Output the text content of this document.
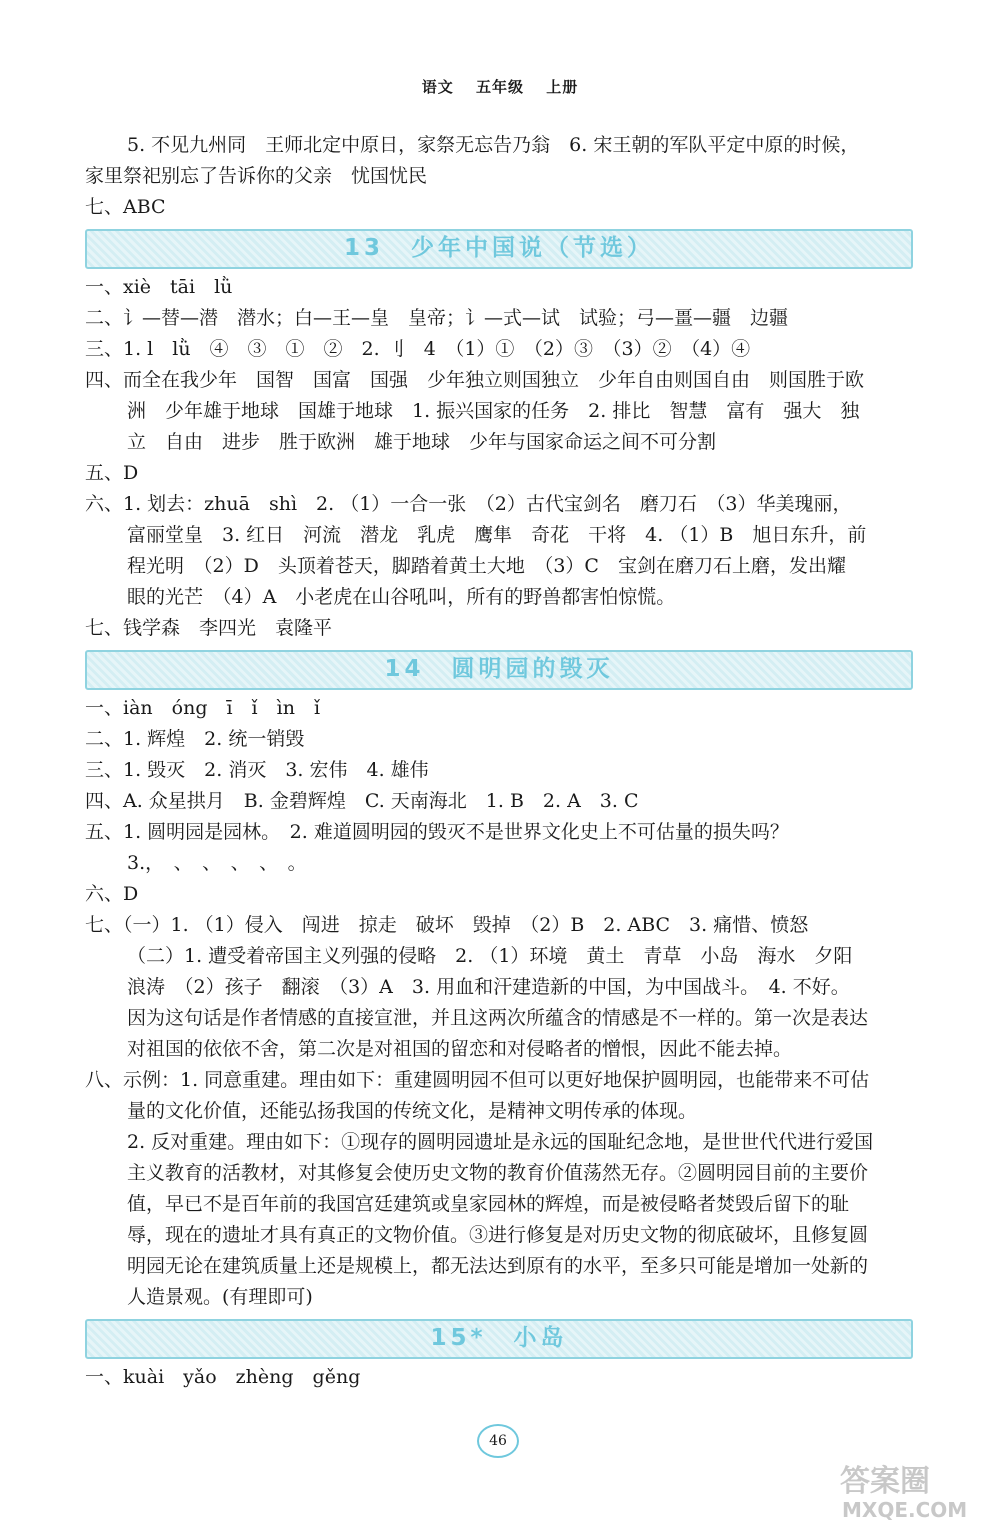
语文 五年级 上册
5. 不见九州同　王师北定中原日，家祭无忘告乃翁　6. 宋王朝的军队平定中原的时候，
家里祭祀别忘了告诉你的父亲　忧国忧民
七、ABC
13　少年中国说（节选）
一、xiè　tāi　lǜ
二、讠—替—潜　潜水；白—王—皇　皇帝；讠—式—试　试验；弓—畺—疆　边疆
三、1. l　lǜ　④　③　①　②　2. 刂　4　（1）①　（2）③　（3）②　（4）④
四、而全在我少年　国智　国富　国强　少年独立则国独立　少年自由则国自由　则国胜于欧
洲　少年雄于地球　国雄于地球　1. 振兴国家的任务　2. 排比　智慧　富有　强大　独
立　自由　进步　胜于欧洲　雄于地球　少年与国家命运之间不可分割
五、D
六、1. 划去：zhuā　shì　2. （1）一合一张　（2）古代宝剑名　磨刀石　（3）华美瑰丽，
富丽堂皇　3. 红日　河流　潜龙　乳虎　鹰隼　奇花　干将　4. （1）B　旭日东升，前
程光明　（2）D　头顶着苍天，脚踏着黄土大地　（3）C　宝剑在磨刀石上磨，发出耀
眼的光芒　（4）A　小老虎在山谷吼叫，所有的野兽都害怕惊慌。
七、钱学森　李四光　袁隆平
14　圆明园的毁灭
一、iàn　óng　ī　ǐ　ìn　ǐ
二、1. 辉煌　2. 统一销毁
三、1. 毁灭　2. 消灭　3. 宏伟　4. 雄伟
四、A. 众星拱月　B. 金碧辉煌　C. 天南海北　1. B　2. A　3. C
五、1. 圆明园是园林。　2. 难道圆明园的毁灭不是世界文化史上不可估量的损失吗？
3.，　、　、　、　、　。
六、D
七、（一）1. （1）侵入　闯进　掠走　破坏　毁掉　（2）B　2. ABC　3. 痛惜、愤怒
（二）1. 遭受着帝国主义列强的侵略　2. （1）环境　黄土　青草　小岛　海水　夕阳
浪涛　（2）孩子　翻滚　（3）A　3. 用血和汗建造新的中国，为中国战斗。　4. 不好。
因为这句话是作者情感的直接宣泄，并且这两次所蕴含的情感是不一样的。第一次是表达
对祖国的依依不舍，第二次是对祖国的留恋和对侵略者的憎恨，因此不能去掉。
八、示例：1. 同意重建。理由如下：重建圆明园不但可以更好地保护圆明园，也能带来不可估
量的文化价值，还能弘扬我国的传统文化，是精神文明传承的体现。
2. 反对重建。理由如下：①现存的圆明园遗址是永远的国耻纪念地，是世世代代进行爱国
主义教育的活教材，对其修复会使历史文物的教育价值荡然无存。②圆明园目前的主要价
值，早已不是百年前的我国宫廷建筑或皇家园林的辉煌，而是被侵略者焚毁后留下的耻
辱，现在的遗址才具有真正的文物价值。③进行修复是对历史文物的彻底破坏，且修复圆
明园无论在建筑质量上还是规模上，都无法达到原有的水平，至多只可能是增加一处新的
人造景观。(有理即可)
15*　小岛
一、kuài　yǎo　zhèng　gěng
46
答案圈
MXQE.COM
